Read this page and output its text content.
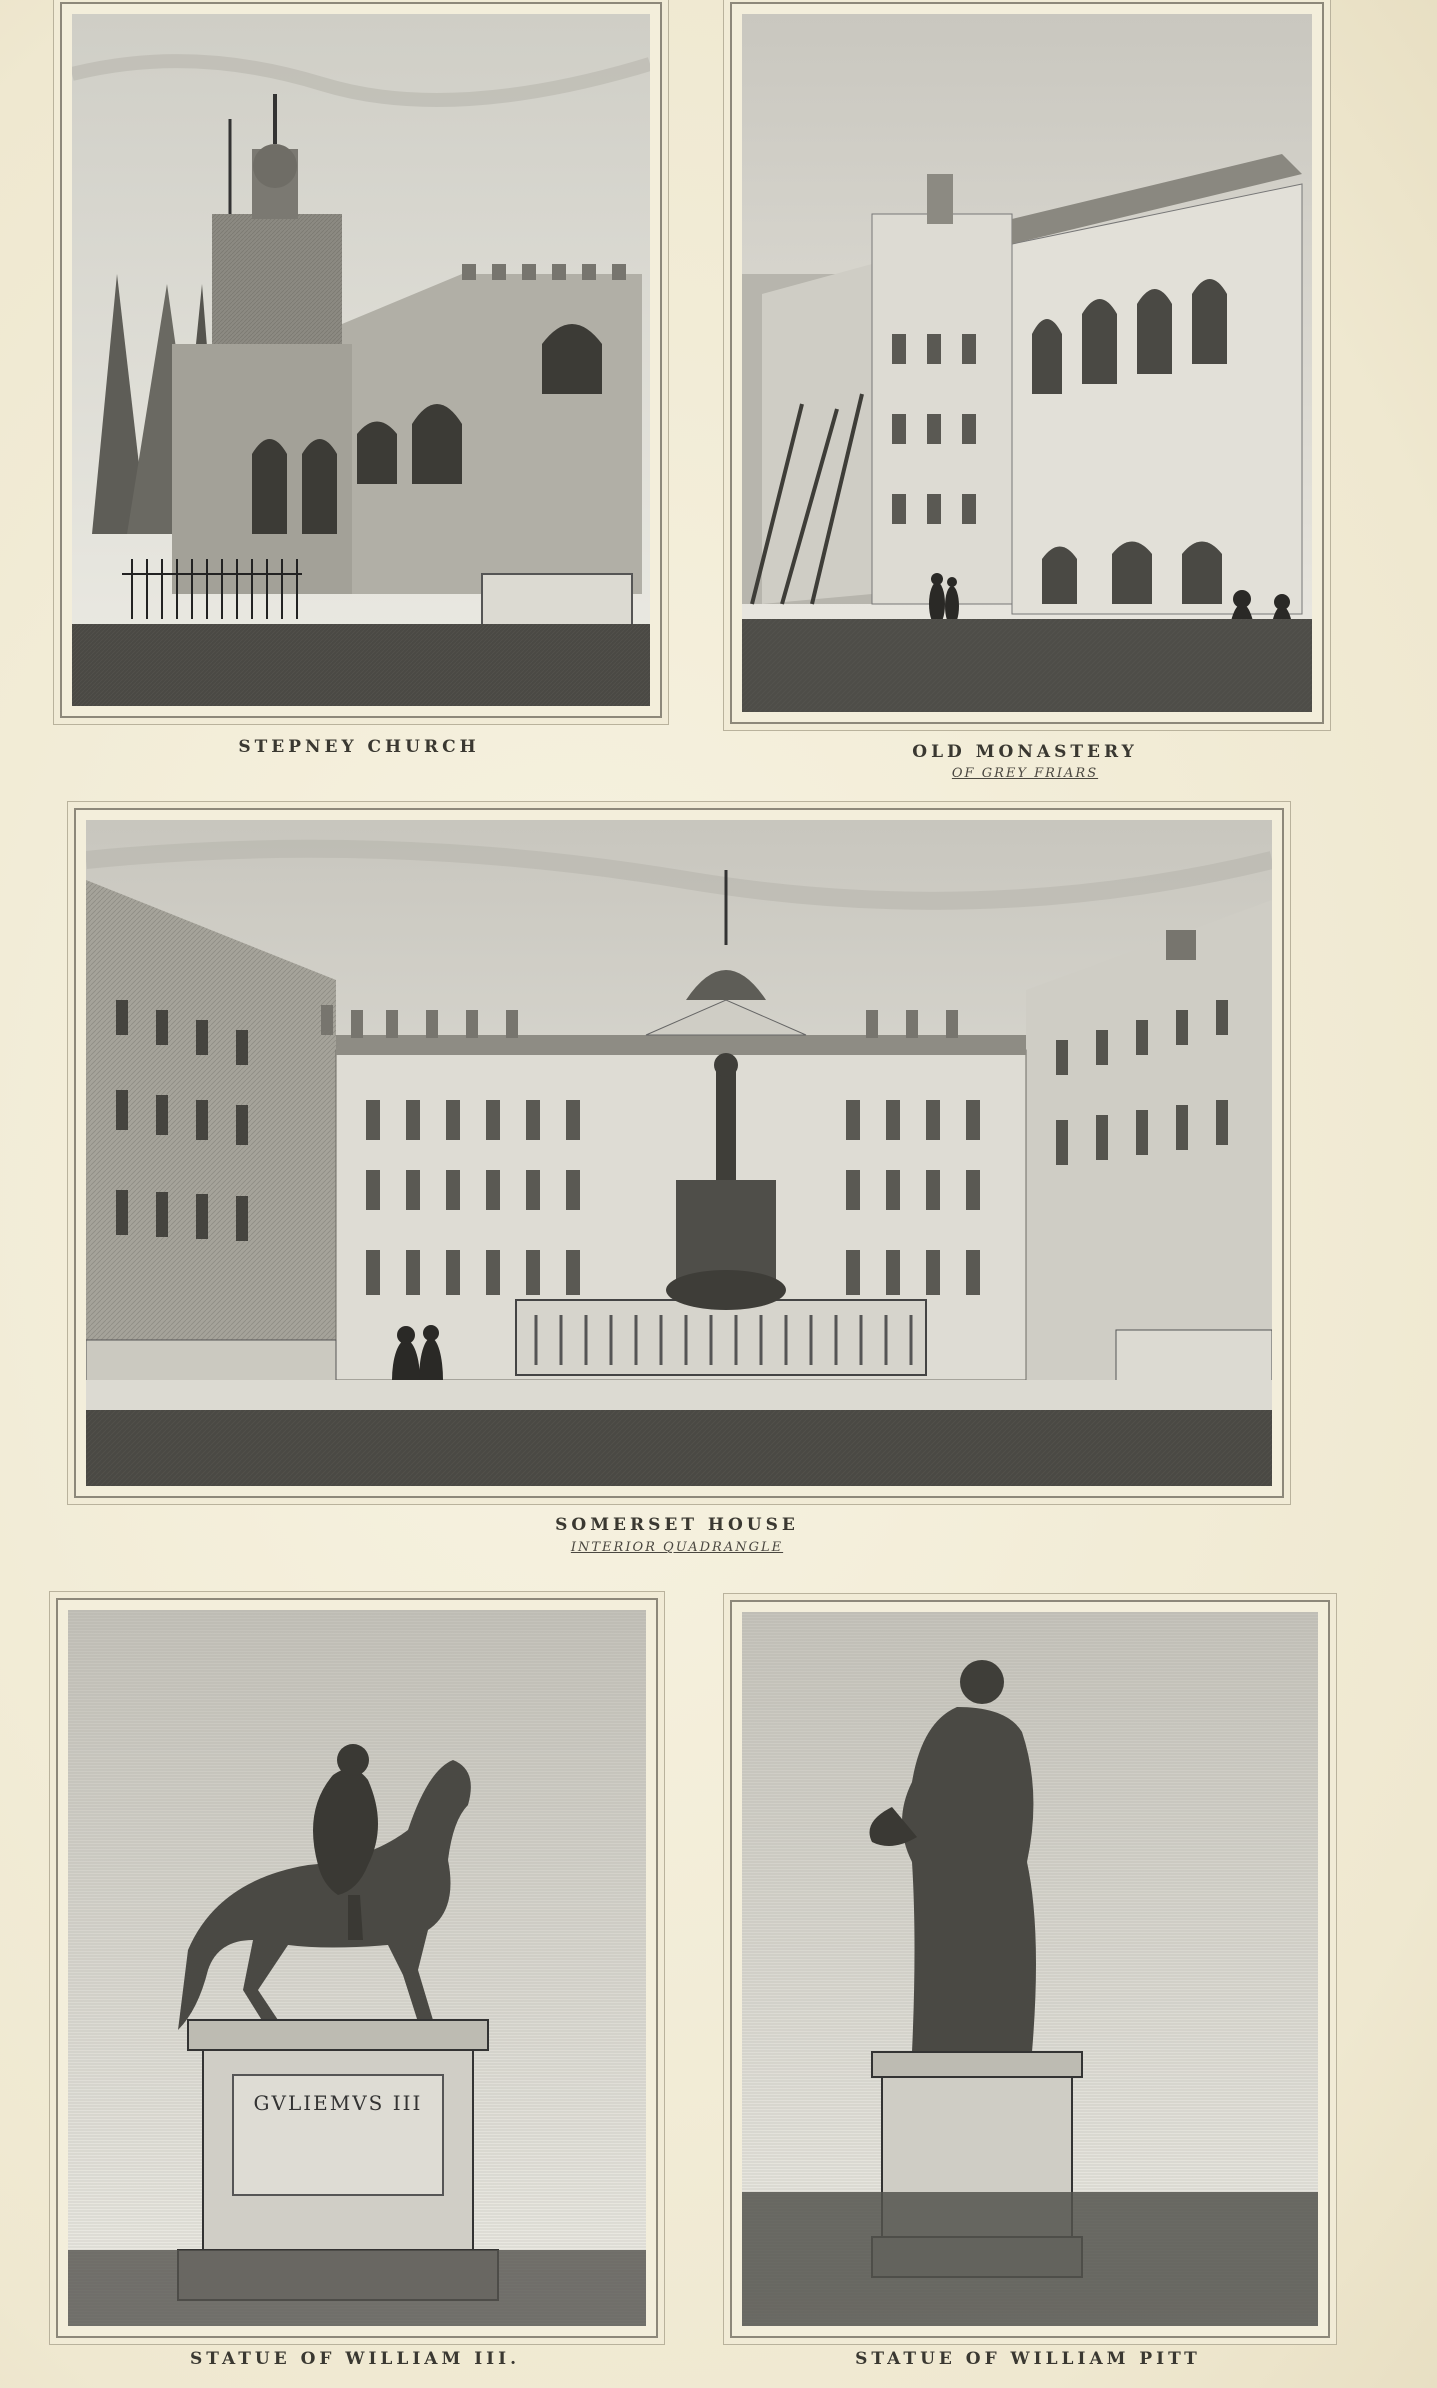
STEPNEY CHURCH	OLD MONASTERY
OF GREY FRIARS
SOMERSET HOUSE
INTERIOR QUADRANGLE
GVLIEMVS III
STATUE OF WILLIAM III.	STATUE OF WILLIAM PITT
